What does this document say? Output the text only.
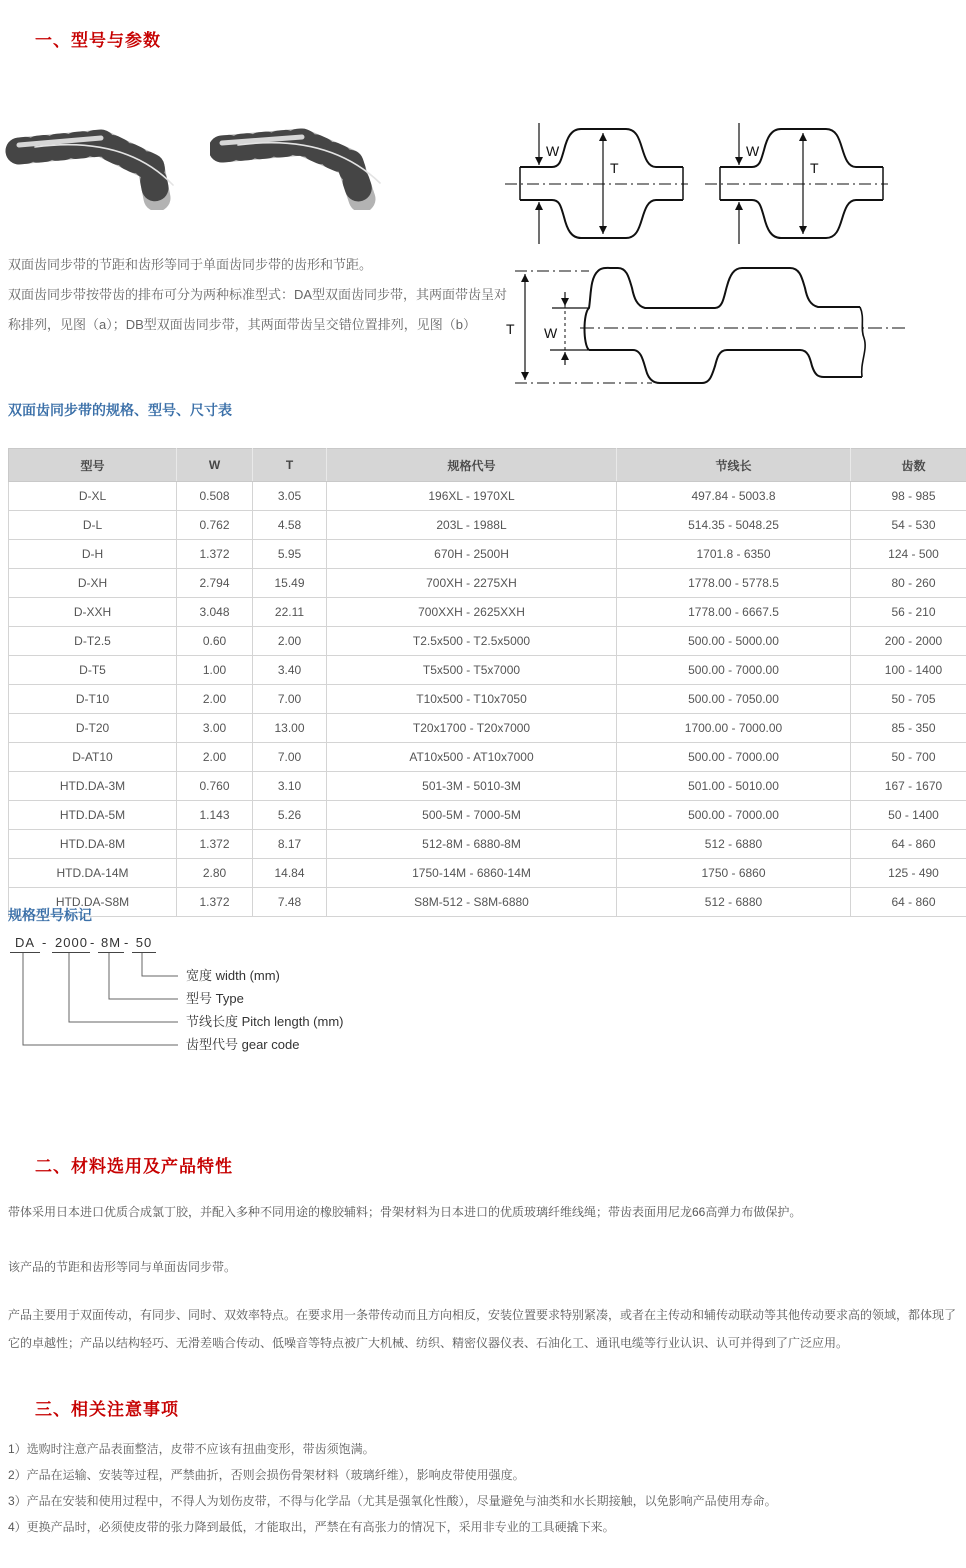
一、型号与参数
W
T
W
T
T W

双面齿同步带的节距和齿形等同于单面齿同步带的齿形和节距。

双面齿同步带按带齿的排布可分为两种标准型式：DA型双面齿同步带，其两面带齿呈对称排列，见图（a）；DB型双面齿同步带，其两面带齿呈交错位置排列，见图（b）

双面齿同步带的规格、型号、尺寸表
型号	W	T	规格代号	节线长	齿数
D-XL	0.508	3.05	196XL - 1970XL	497.84 - 5003.8	98 - 985
D-L	0.762	4.58	203L - 1988L	514.35 - 5048.25	54 - 530
D-H	1.372	5.95	670H - 2500H	1701.8 - 6350	124 - 500
D-XH	2.794	15.49	700XH - 2275XH	1778.00 - 5778.5	80 - 260
D-XXH	3.048	22.11	700XXH - 2625XXH	1778.00 - 6667.5	56 - 210
D-T2.5	0.60	2.00	T2.5x500 - T2.5x5000	500.00 - 5000.00	200 - 2000
D-T5	1.00	3.40	T5x500 - T5x7000	500.00 - 7000.00	100 - 1400
D-T10	2.00	7.00	T10x500 - T10x7050	500.00 - 7050.00	50 - 705
D-T20	3.00	13.00	T20x1700 - T20x7000	1700.00 - 7000.00	85 - 350
D-AT10	2.00	7.00	AT10x500 - AT10x7000	500.00 - 7000.00	50 - 700
HTD.DA-3M	0.760	3.10	501-3M - 5010-3M	501.00 - 5010.00	167 - 1670
HTD.DA-5M	1.143	5.26	500-5M - 7000-5M	500.00 - 7000.00	50 - 1400
HTD.DA-8M	1.372	8.17	512-8M - 6880-8M	512 - 6880	64 - 860
HTD.DA-14M	2.80	14.84	1750-14M - 6860-14M	1750 - 6860	125 - 490
HTD.DA-S8M	1.372	7.48	S8M-512 - S8M-6880	512 - 6880	64 - 860
规格型号标记
DA - 2000 - 8M - 50
宽度 width (mm)
型号 Type
节线长度 Pitch length (mm)
齿型代号 gear code
二、材料选用及产品特性

带体采用日本进口优质合成氯丁胶，并配入多种不同用途的橡胶辅料；骨架材料为日本进口的优质玻璃纤维线绳；带齿表面用尼龙66高弹力布做保护。

该产品的节距和齿形等同与单面齿同步带。

产品主要用于双面传动，有同步、同时、双效率特点。在要求用一条带传动而且方向相反，安装位置要求特别紧凑，或者在主传动和辅传动联动等其他传动要求高的领域，都体现了它的卓越性；产品以结构轻巧、无滑差啮合传动、低噪音等特点被广大机械、纺织、精密仪器仪表、石油化工、通讯电缆等行业认识、认可并得到了广泛应用。

三、相关注意事项
1）选购时注意产品表面整洁，皮带不应该有扭曲变形，带齿须饱满。
2）产品在运输、安装等过程，严禁曲折，否则会损伤骨架材料（玻璃纤维），影响皮带使用强度。
3）产品在安装和使用过程中，不得人为划伤皮带，不得与化学品（尤其是强氧化性酸），尽量避免与油类和水长期接触，以免影响产品使用寿命。
4）更换产品时，必须使皮带的张力降到最低，才能取出，严禁在有高张力的情况下，采用非专业的工具硬撬下来。
